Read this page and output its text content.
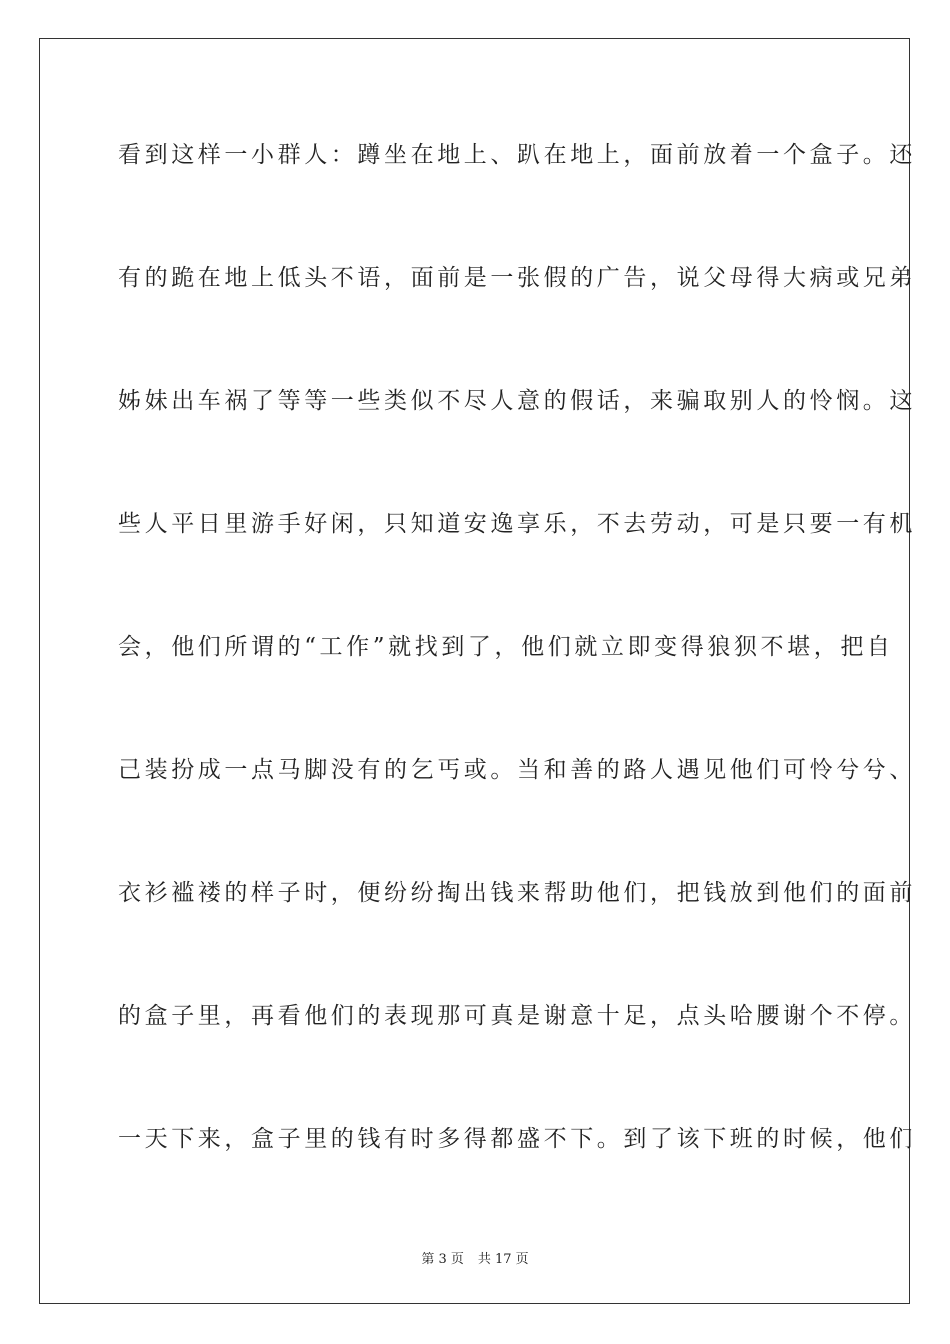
看到这样一小群人：蹲坐在地上、趴在地上，面前放着一个盒子。还
有的跪在地上低头不语，面前是一张假的广告，说父母得大病或兄弟
姊妹出车祸了等等一些类似不尽人意的假话，来骗取别人的怜悯。这
些人平日里游手好闲，只知道安逸享乐，不去劳动，可是只要一有机
会，他们所谓的“工作”就找到了，他们就立即变得狼狈不堪，把自
己装扮成一点马脚没有的乞丐或。当和善的路人遇见他们可怜兮兮、
衣衫褴褛的样子时，便纷纷掏出钱来帮助他们，把钱放到他们的面前
的盒子里，再看他们的表现那可真是谢意十足，点头哈腰谢个不停。
一天下来，盒子里的钱有时多得都盛不下。到了该下班的时候，他们
第 3 页 共 17 页
